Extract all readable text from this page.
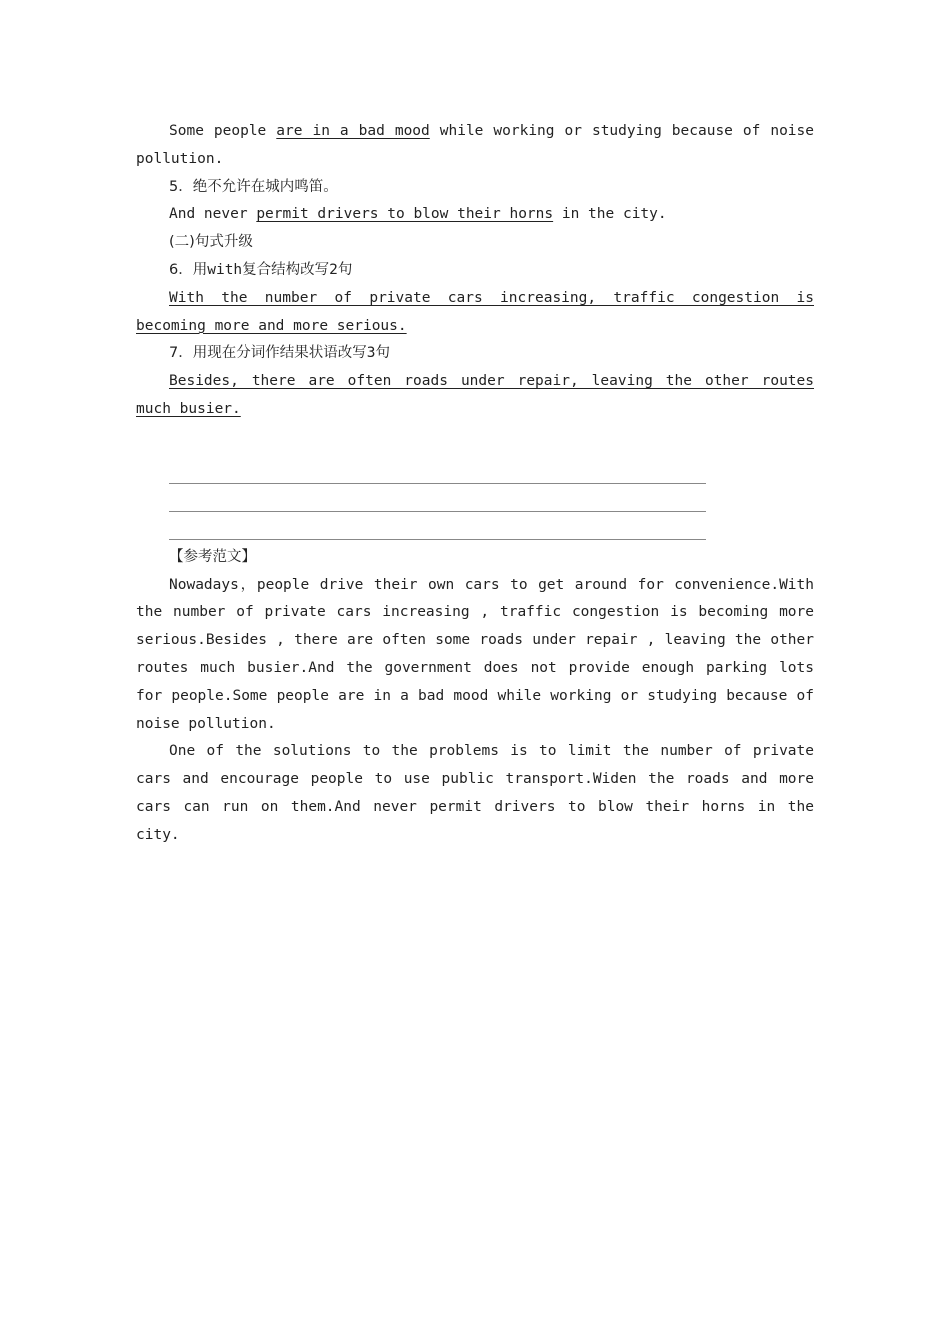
Some people are in a bad mood while working or studying because of noise pollution.

5．绝不允许在城内鸣笛。

And never permit drivers to blow their horns in the city.

(二)句式升级

6．用with复合结构改写2句

With the number of private cars increasing, traffic congestion is becoming more and more serious.

7．用现在分词作结果状语改写3句

Besides, there are often roads under repair, leaving the other routes much busier.

【参考范文】

Nowadays，people drive their own cars to get around for convenience.With the number of private cars increasing , traffic congestion is becoming more serious.Besides , there are often some roads under repair , leaving the other routes much busier.And the government does not provide enough parking lots for people.Some people are in a bad mood while working or studying because of noise pollution.

One of the solutions to the problems is to limit the number of private cars and encourage people to use public transport.Widen the roads and more cars can run on them.And never permit drivers to blow their horns in the city.
